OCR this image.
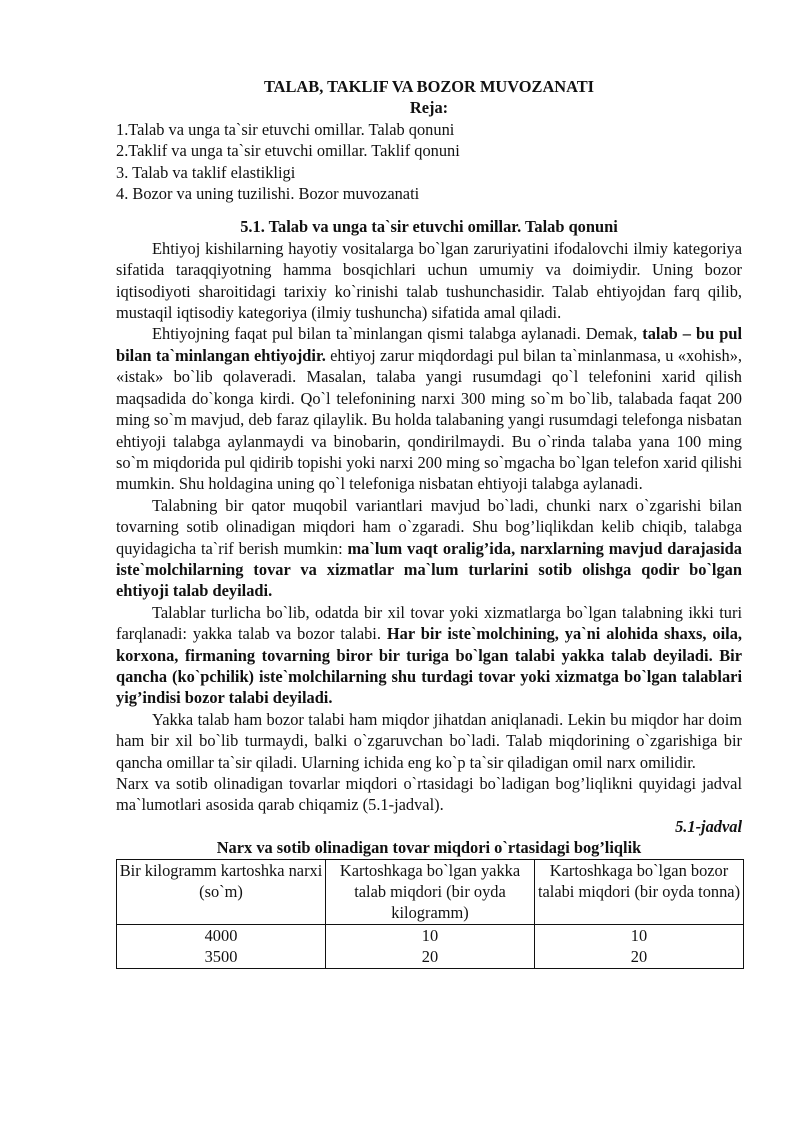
TALAB, TAKLIF VA BOZOR MUVOZANATI

Reja:

1.Talab va unga ta`sir etuvchi omillar. Talab qonuni

2.Taklif va unga ta`sir etuvchi omillar. Taklif qonuni

3. Talab va taklif elastikligi

4. Bozor va uning tuzilishi. Bozor muvozanati

5.1. Talab va unga ta`sir etuvchi omillar. Talab qonuni

Ehtiyoj kishilarning hayotiy vositalarga bo`lgan zaruriyatini ifodalovchi ilmiy kategoriya sifatida taraqqiyotning hamma bosqichlari uchun umumiy va doimiydir. Uning bozor iqtisodiyoti sharoitidagi tarixiy ko`rinishi talab tushunchasidir. Talab ehtiyojdan farq qilib, mustaqil iqtisodiy kategoriya (ilmiy tushuncha) sifatida amal qiladi.

Ehtiyojning faqat pul bilan ta`minlangan qismi talabga aylanadi. Demak, talab – bu pul bilan ta`minlangan ehtiyojdir. ehtiyoj zarur miqdordagi pul bilan ta`minlanmasa, u «xohish», «istak» bo`lib qolaveradi. Masalan, talaba yangi rusumdagi qo`l telefonini xarid qilish maqsadida do`konga kirdi. Qo`l telefonining narxi 300 ming so`m bo`lib, talabada faqat 200 ming so`m mavjud, deb faraz qilaylik. Bu holda talabaning yangi rusumdagi telefonga nisbatan ehtiyoji talabga aylanmaydi va binobarin, qondirilmaydi. Bu o`rinda talaba yana 100 ming so`m miqdorida pul qidirib topishi yoki narxi 200 ming so`mgacha bo`lgan telefon xarid qilishi mumkin. Shu holdagina uning qo`l telefoniga nisbatan ehtiyoji talabga aylanadi.

Talabning bir qator muqobil variantlari mavjud bo`ladi, chunki narx o`zgarishi bilan tovarning sotib olinadigan miqdori ham o`zgaradi. Shu bog’liqlikdan kelib chiqib, talabga quyidagicha ta`rif berish mumkin: ma`lum vaqt oralig’ida, narxlarning mavjud darajasida iste`molchilarning tovar va xizmatlar ma`lum turlarini sotib olishga qodir bo`lgan ehtiyoji talab deyiladi.

Talablar turlicha bo`lib, odatda bir xil tovar yoki xizmatlarga bo`lgan talabning ikki turi farqlanadi: yakka talab va bozor talabi. Har bir iste`molchining, ya`ni alohida shaxs, oila, korxona, firmaning tovarning biror bir turiga bo`lgan talabi yakka talab deyiladi. Bir qancha (ko`pchilik) iste`molchilarning shu turdagi tovar yoki xizmatga bo`lgan talablari yig’indisi bozor talabi deyiladi.

Yakka talab ham bozor talabi ham miqdor jihatdan aniqlanadi. Lekin bu miqdor har doim ham bir xil bo`lib turmaydi, balki o`zgaruvchan bo`ladi. Talab miqdorining o`zgarishiga bir qancha omillar ta`sir qiladi. Ularning ichida eng ko`p ta`sir qiladigan omil narx omilidir.

Narx va sotib olinadigan tovarlar miqdori o`rtasidagi bo`ladigan bog’liqlikni quyidagi jadval ma`lumotlari asosida qarab chiqamiz (5.1-jadval).

5.1-jadval

Narx va sotib olinadigan tovar miqdori o`rtasidagi bog’liqlik

Bir kilogramm kartoshka narxi (so`m)	Kartoshkaga bo`lgan yakka talab miqdori (bir oyda kilogramm)	Kartoshkaga bo`lgan bozor talabi miqdori (bir oyda tonna)
4000	10	10
3500	20	20
